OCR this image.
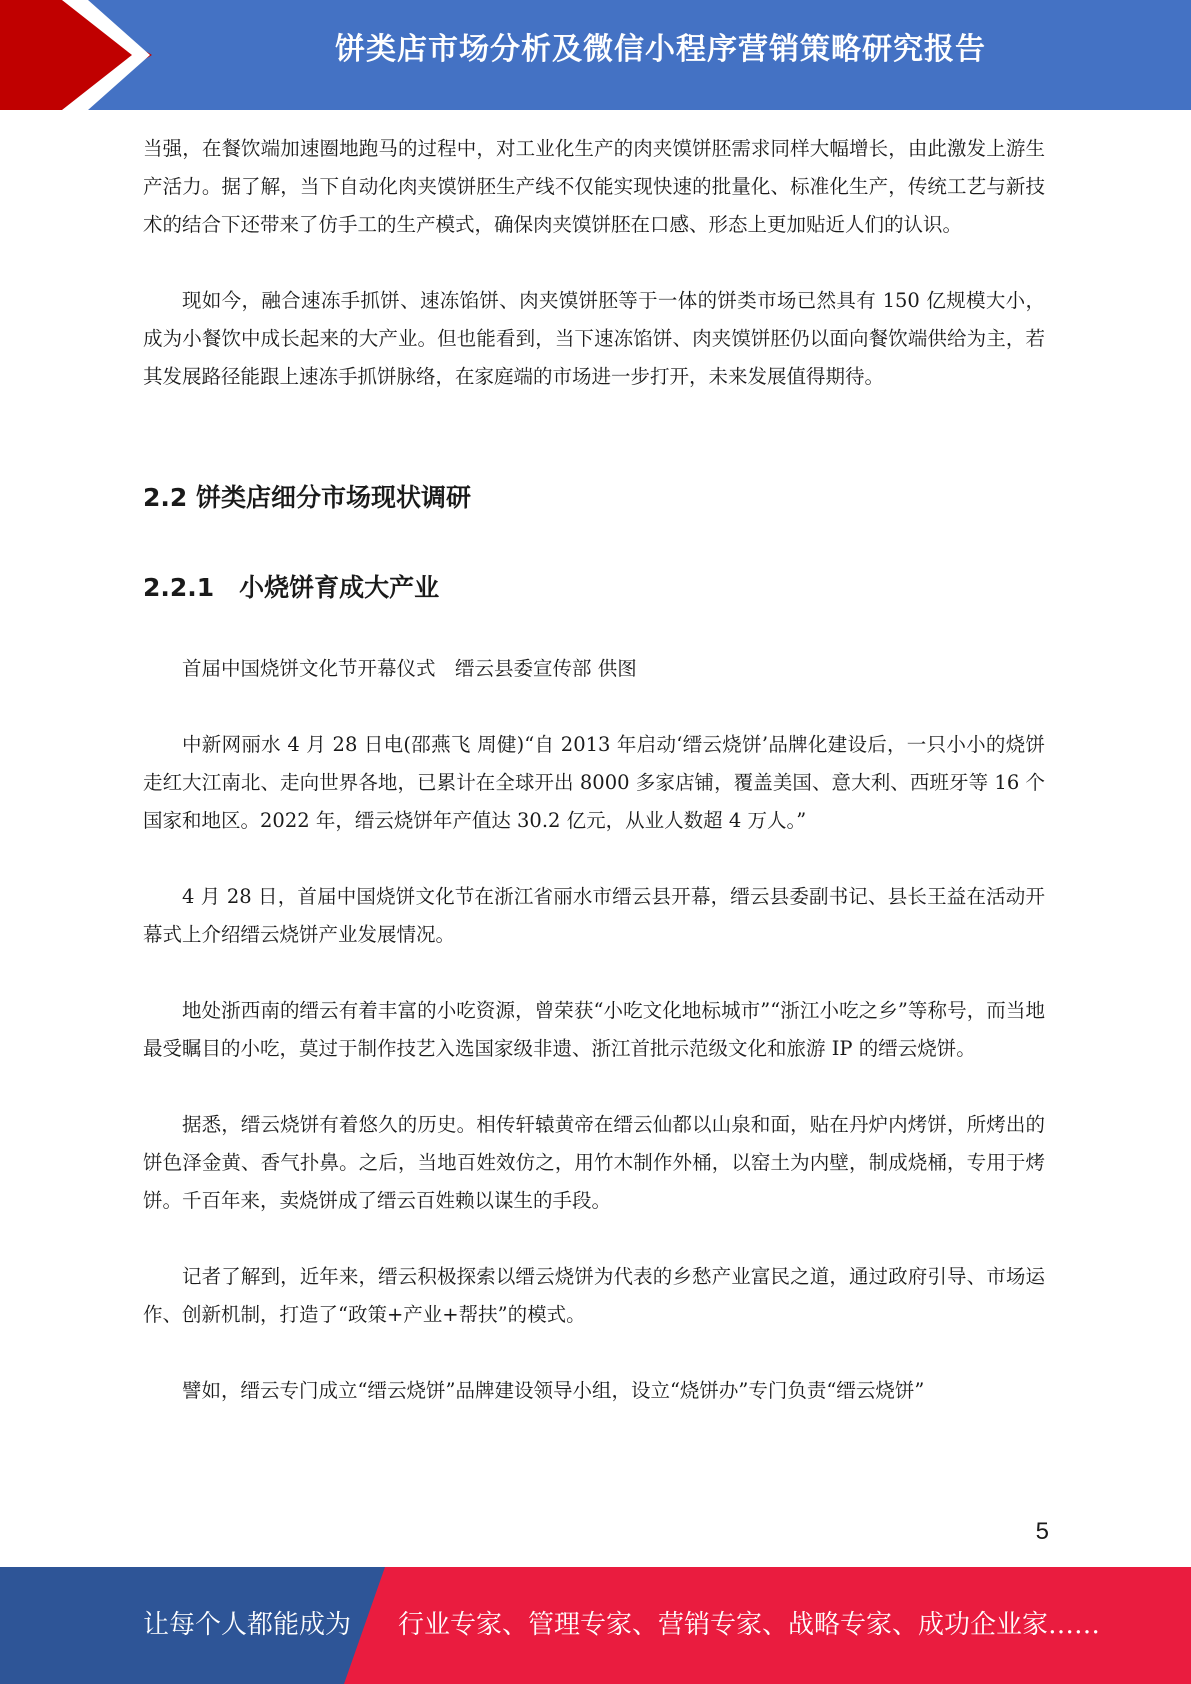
饼类店市场分析及微信小程序营销策略研究报告

当强，在餐饮端加速圈地跑马的过程中，对工业化生产的肉夹馍饼胚需求同样大幅增长，由此激发上游生产活力。据了解，当下自动化肉夹馍饼胚生产线不仅能实现快速的批量化、标准化生产，传统工艺与新技术的结合下还带来了仿手工的生产模式，确保肉夹馍饼胚在口感、形态上更加贴近人们的认识。

现如今，融合速冻手抓饼、速冻馅饼、肉夹馍饼胚等于一体的饼类市场已然具有 150 亿规模大小，成为小餐饮中成长起来的大产业。但也能看到，当下速冻馅饼、肉夹馍饼胚仍以面向餐饮端供给为主，若其发展路径能跟上速冻手抓饼脉络，在家庭端的市场进一步打开，未来发展值得期待。

2.2 饼类店细分市场现状调研
2.2.1　小烧饼育成大产业

首届中国烧饼文化节开幕仪式　缙云县委宣传部 供图

中新网丽水 4 月 28 日电(邵燕飞 周健)“自 2013 年启动‘缙云烧饼’品牌化建设后，一只小小的烧饼走红大江南北、走向世界各地，已累计在全球开出 8000 多家店铺，覆盖美国、意大利、西班牙等 16 个国家和地区。2022 年，缙云烧饼年产值达 30.2 亿元，从业人数超 4 万人。”

4 月 28 日，首届中国烧饼文化节在浙江省丽水市缙云县开幕，缙云县委副书记、县长王益在活动开幕式上介绍缙云烧饼产业发展情况。

地处浙西南的缙云有着丰富的小吃资源，曾荣获“小吃文化地标城市”“浙江小吃之乡”等称号，而当地最受瞩目的小吃，莫过于制作技艺入选国家级非遗、浙江首批示范级文化和旅游 IP 的缙云烧饼。

据悉，缙云烧饼有着悠久的历史。相传轩辕黄帝在缙云仙都以山泉和面，贴在丹炉内烤饼，所烤出的饼色泽金黄、香气扑鼻。之后，当地百姓效仿之，用竹木制作外桶，以窑土为内壁，制成烧桶，专用于烤饼。千百年来，卖烧饼成了缙云百姓赖以谋生的手段。

记者了解到，近年来，缙云积极探索以缙云烧饼为代表的乡愁产业富民之道，通过政府引导、市场运作、创新机制，打造了“政策+产业+帮扶”的模式。

譬如，缙云专门成立“缙云烧饼”品牌建设领导小组，设立“烧饼办”专门负责“缙云烧饼”

5
让每个人都能成为 行业专家、管理专家、营销专家、战略专家、成功企业家……
